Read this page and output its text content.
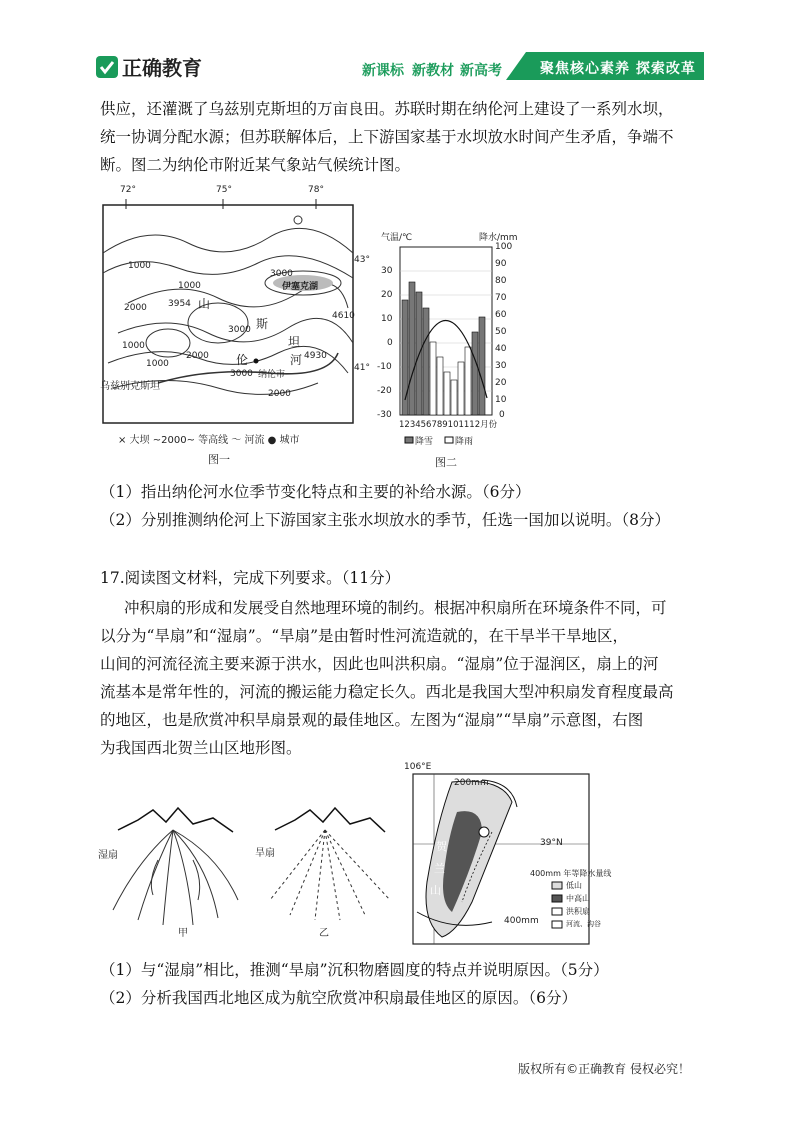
正确教育	新课标 新教材 新高考	聚焦核心素养 探索改革
供应，还灌溉了乌兹别克斯坦的万亩良田。苏联时期在纳伦河上建设了一系列水坝，
统一协调分配水源；但苏联解体后，上下游国家基于水坝放水时间产生矛盾，争端不
断。图二为纳伦市附近某气象站气候统计图。
72°	75°	78°
43°
41°
1000
1000
3000
3954
2000
3000
4610
1000
2000
1000
3000
4930
2000
伊塞克湖
纳伦市
乌兹别克斯坦
山
斯
坦
河
伦
× 大坝 ~2000~ 等高线 ～ 河流 ● 城市
图一
气温/℃	降水/mm
30
20
10
0
-10
-20
-30
100
90
80
70
60
50
40
30
20
10
0
123456789101112月份
降雪 降雨
图二
（1）指出纳伦河水位季节变化特点和主要的补给水源。（6分）
（2）分别推测纳伦河上下游国家主张水坝放水的季节，任选一国加以说明。（8分）
17.阅读图文材料，完成下列要求。（11分）
冲积扇的形成和发展受自然地理环境的制约。根据冲积扇所在环境条件不同，可
以分为“旱扇”和“湿扇”。“旱扇”是由暂时性河流造就的，在干旱半干旱地区，
山间的河流径流主要来源于洪水，因此也叫洪积扇。“湿扇”位于湿润区，扇上的河
流基本是常年性的，河流的搬运能力稳定长久。西北是我国大型冲积扇发育程度最高
的地区，也是欣赏冲积旱扇景观的最佳地区。左图为“湿扇”“旱扇”示意图，右图
为我国西北贺兰山区地形图。
湿扇
甲
旱扇
乙
106°E
39°N
200mm
400mm
贺
兰
山
400mm 年等降水量线
低山
中高山
洪积扇
河流、沟谷
（1）与“湿扇”相比，推测“旱扇”沉积物磨圆度的特点并说明原因。（5分）
（2）分析我国西北地区成为航空欣赏冲积扇最佳地区的原因。（6分）
版权所有©正确教育 侵权必究！
